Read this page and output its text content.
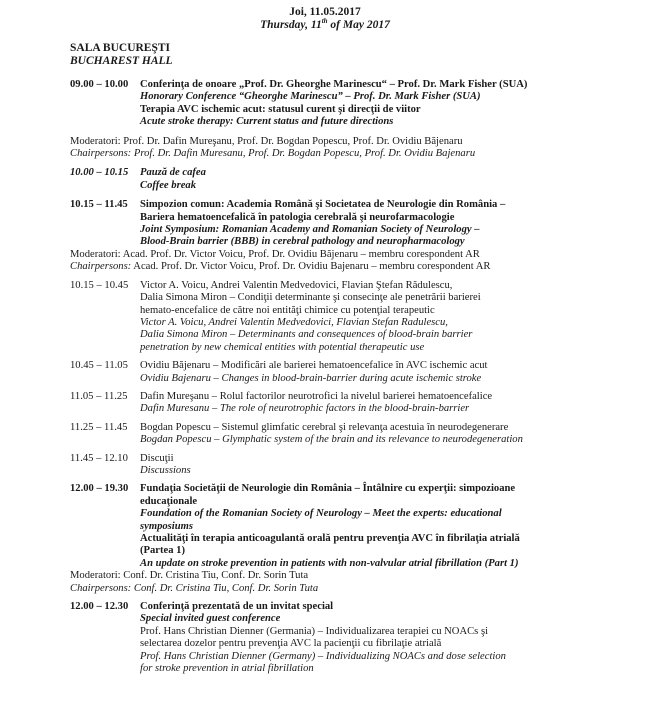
Joi, 11.05.2017
Thursday, 11th of May 2017
SALA BUCUREŞTI
BUCHAREST HALL
09.00 – 10.00	Conferinţa de onoare „Prof. Dr. Gheorghe Marinescu“ – Prof. Dr. Mark Fisher (SUA)
Honorary Conference “Gheorghe Marinescu” – Prof. Dr. Mark Fisher (SUA)
Terapia AVC ischemic acut: statusul curent şi direcţii de viitor
Acute stroke therapy: Current status and future directions
Moderatori: Prof. Dr. Dafin Mureşanu, Prof. Dr. Bogdan Popescu, Prof. Dr. Ovidiu Băjenaru
Chairpersons: Prof. Dr. Dafin Muresanu, Prof. Dr. Bogdan Popescu, Prof. Dr. Ovidiu Bajenaru
10.00 – 10.15	Pauză de cafea
Coffee break
10.15 – 11.45	Simpozion comun: Academia Română şi Societatea de Neurologie din România –
Bariera hematoencefalică în patologia cerebrală şi neurofarmacologie
Joint Symposium: Romanian Academy and Romanian Society of Neurology –
Blood-Brain barrier (BBB) in cerebral pathology and neuropharmacology
Moderatori: Acad. Prof. Dr. Victor Voicu, Prof. Dr. Ovidiu Băjenaru – membru corespondent AR
Chairpersons: Acad. Prof. Dr. Victor Voicu, Prof. Dr. Ovidiu Bajenaru – membru corespondent AR
10.15 – 10.45	Victor A. Voicu, Andrei Valentin Medvedovici, Flavian Ştefan Rădulescu,
Dalia Simona Miron – Condiţii determinante şi consecinţe ale penetrării barierei
hemato-encefalice de către noi entităţi chimice cu potenţial terapeutic
Victor A. Voicu, Andrei Valentin Medvedovici, Flavian Stefan Radulescu,
Dalia Simona Miron – Determinants and consequences of blood-brain barrier
penetration by new chemical entities with potential therapeutic use
10.45 – 11.05	Ovidiu Băjenaru – Modificări ale barierei hematoencefalice în AVC ischemic acut
Ovidiu Bajenaru – Changes in blood-brain-barrier during acute ischemic stroke
11.05 – 11.25	Dafin Mureşanu – Rolul factorilor neurotrofici la nivelul barierei hematoencefalice
Dafin Muresanu – The role of neurotrophic factors in the blood-brain-barrier
11.25 – 11.45	Bogdan Popescu – Sistemul glimfatic cerebral şi relevanţa acestuia în neurodegenerare
Bogdan Popescu – Glymphatic system of the brain and its relevance to neurodegeneration
11.45 – 12.10	Discuţii
Discussions
12.00 – 19.30	Fundaţia Societăţii de Neurologie din România – Întâlnire cu experţii: simpozioane
educaţionale
Foundation of the Romanian Society of Neurology – Meet the experts: educational
symposiums
Actualităţi în terapia anticoagulantă orală pentru prevenţia AVC în fibrilaţia atrială
(Partea 1)
An update on stroke prevention in patients with non-valvular atrial fibrillation (Part 1)
Moderatori: Conf. Dr. Cristina Tiu, Conf. Dr. Sorin Tuta
Chairpersons: Conf. Dr. Cristina Tiu, Conf. Dr. Sorin Tuta
12.00 – 12.30	Conferinţă prezentată de un invitat special
Special invited guest conference
Prof. Hans Christian Dienner (Germania) – Individualizarea terapiei cu NOACs şi
selectarea dozelor pentru prevenţia AVC la pacienţii cu fibrilaţie atrială
Prof. Hans Christian Dienner (Germany) – Individualizing NOACs and dose selection
for stroke prevention in atrial fibrillation
